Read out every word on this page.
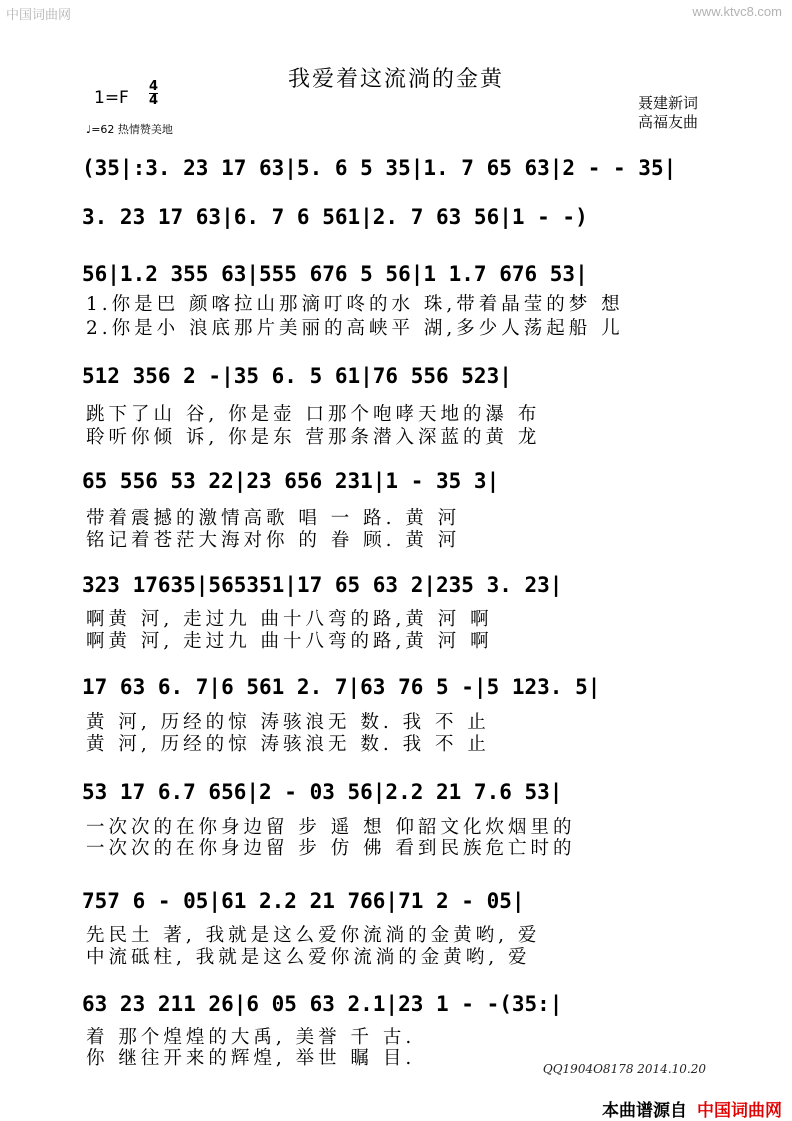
中国词曲网	www.ktvc8.com
我爱着这流淌的金黄
1=F
4
4
♩=62 热情赞美地
聂建新词
高福友曲
(35|:3. 23 17 63|5. 6 5 35|1. 7 65 63|2 - - 35|
3. 23 17 63|6. 7 6 561|2. 7 63 56|1 - -)
56|1.2 355 63|555 676 5 56|1 1.7 676 53|
1.你是巴 颜喀拉山那滴叮咚的水 珠,带着晶莹的梦 想
2.你是小 浪底那片美丽的高峡平 湖,多少人荡起船 儿
512 356 2 -|35 6. 5 61|76 556 523|
跳下了山 谷, 你是壶 口那个咆哮天地的瀑 布
聆听你倾 诉, 你是东 营那条潜入深蓝的黄 龙
65 556 53 22|23 656 231|1 - 35 3|
带着震撼的激情高歌 唱 一 路. 黄 河
铭记着苍茫大海对你 的 眷 顾. 黄 河
323 17635|565351|17 65 63 2|235 3. 23|
啊黄 河, 走过九 曲十八弯的路,黄 河 啊
啊黄 河, 走过九 曲十八弯的路,黄 河 啊
17 63 6. 7|6 561 2. 7|63 76 5 -|5 123. 5|
黄 河, 历经的惊 涛骇浪无 数. 我 不 止
黄 河, 历经的惊 涛骇浪无 数. 我 不 止
53 17 6.7 656|2 - 03 56|2.2 21 7.6 53|
一次次的在你身边留 步 遥 想 仰韶文化炊烟里的
一次次的在你身边留 步 仿 佛 看到民族危亡时的
757 6 - 05|61 2.2 21 766|71 2 - 05|
先民土 著, 我就是这么爱你流淌的金黄哟, 爱
中流砥柱, 我就是这么爱你流淌的金黄哟, 爱
63 23 211 26|6 05 63 2.1|23 1 - -(35:|
着 那个煌煌的大禹, 美誉 千 古.
你 继往开来的辉煌, 举世 瞩 目.	QQ1904O8178 2014.10.20
本曲谱源自 中国词曲网
